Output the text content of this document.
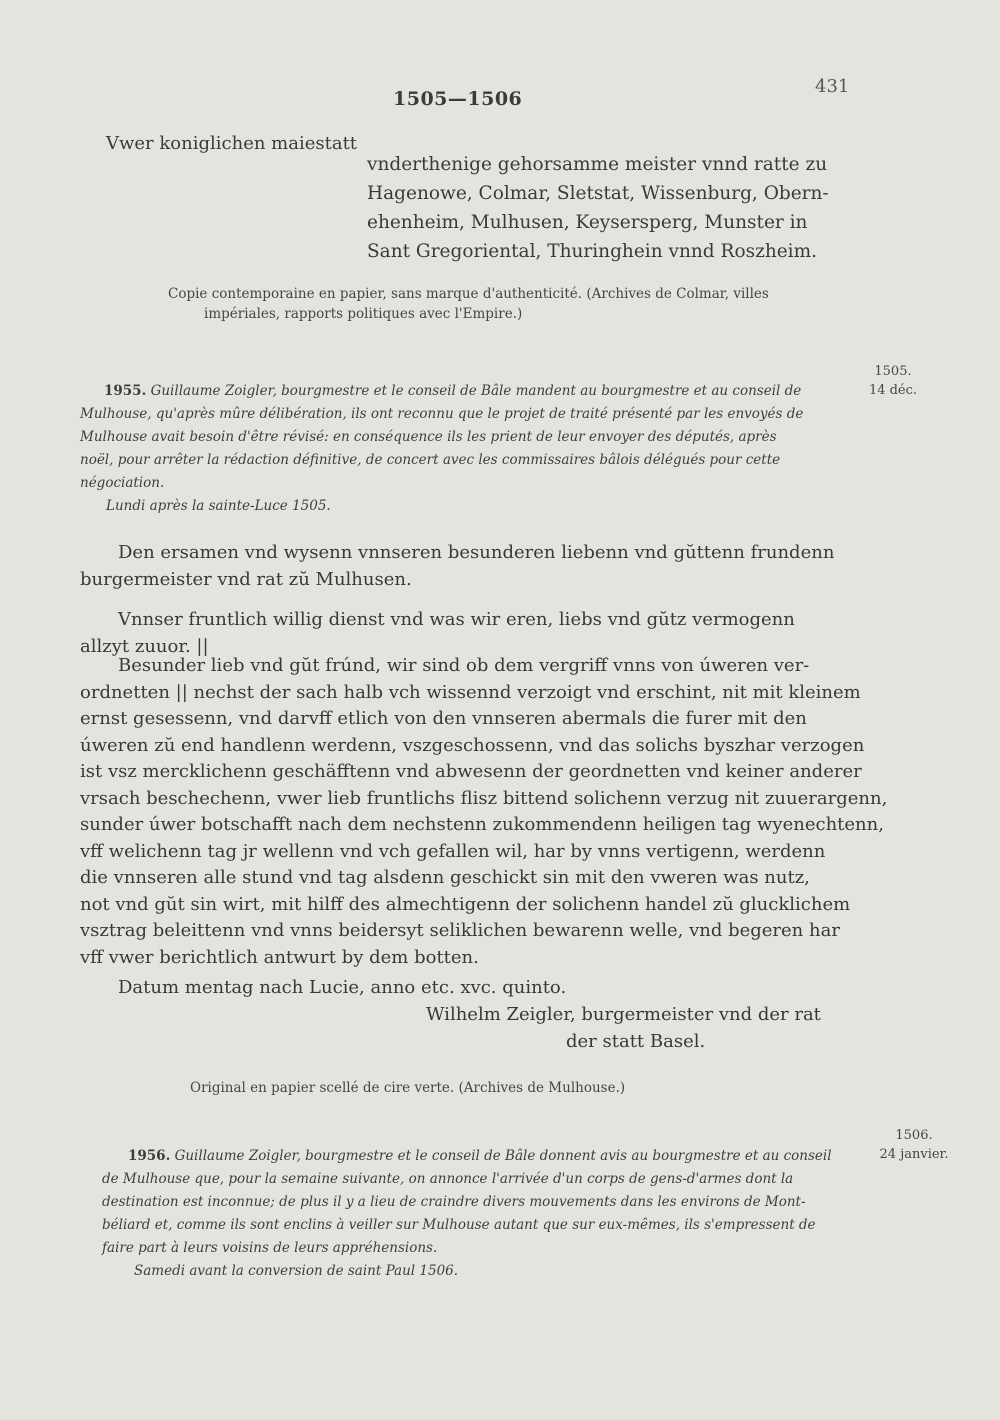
1505—1506
431
Vwer koniglichen maiestatt
vnderthenige gehorsamme meister vnnd ratte zu
Hagenowe, Colmar, Sletstat, Wissenburg, Obern-
ehenheim, Mulhusen, Keysersperg, Munster in
Sant Gregoriental, Thuringhein vnnd Roszheim.
Copie contemporaine en papier, sans marque d'authenticité. (Archives de Colmar, villes
impériales, rapports politiques avec l'Empire.)
1955. Guillaume Zoigler, bourgmestre et le conseil de Bâle mandent au bourgmestre et au conseil de
Mulhouse, qu'après mûre délibération, ils ont reconnu que le projet de traité présenté par les envoyés de
Mulhouse avait besoin d'être révisé: en conséquence ils les prient de leur envoyer des députés, après
noël, pour arrêter la rédaction définitive, de concert avec les commissaires bâlois délégués pour cette
négociation.
Lundi après la sainte-Luce 1505.
1505.
14 déc.
Den ersamen vnd wysenn vnnseren besunderen liebenn vnd gŭttenn frundenn
burgermeister vnd rat zŭ Mulhusen.
Vnnser fruntlich willig dienst vnd was wir eren, liebs vnd gŭtz vermogenn
allzyt zuuor. ||
Besunder lieb vnd gŭt frúnd, wir sind ob dem vergriff vnns von úweren ver-
ordnetten || nechst der sach halb vch wissennd verzoigt vnd erschint, nit mit kleinem
ernst gesessenn, vnd darvff etlich von den vnnseren abermals die furer mit den
úweren zŭ end handlenn werdenn, vszgeschossenn, vnd das solichs byszhar verzogen
ist vsz mercklichenn geschäfftenn vnd abwesenn der geordnetten vnd keiner anderer
vrsach beschechenn, vwer lieb fruntlichs flisz bittend solichenn verzug nit zuuerargenn,
sunder úwer botschafft nach dem nechstenn zukommendenn heiligen tag wyenechtenn,
vff welichenn tag jr wellenn vnd vch gefallen wil, har by vnns vertigenn, werdenn
die vnnseren alle stund vnd tag alsdenn geschickt sin mit den vweren was nutz,
not vnd gŭt sin wirt, mit hilff des almechtigenn der solichenn handel zŭ glucklichem
vsztrag beleittenn vnd vnns beidersyt seliklichen bewarenn welle, vnd begeren har
vff vwer berichtlich antwurt by dem botten.
Datum mentag nach Lucie, anno etc. xvc. quinto.
Wilhelm Zeigler, burgermeister vnd der rat
der statt Basel.
Original en papier scellé de cire verte. (Archives de Mulhouse.)
1956. Guillaume Zoigler, bourgmestre et le conseil de Bâle donnent avis au bourgmestre et au conseil
de Mulhouse que, pour la semaine suivante, on annonce l'arrivée d'un corps de gens-d'armes dont la
destination est inconnue; de plus il y a lieu de craindre divers mouvements dans les environs de Mont-
béliard et, comme ils sont enclins à veiller sur Mulhouse autant que sur eux-mêmes, ils s'empressent de
faire part à leurs voisins de leurs appréhensions.
Samedi avant la conversion de saint Paul 1506.
1506.
24 janvier.
